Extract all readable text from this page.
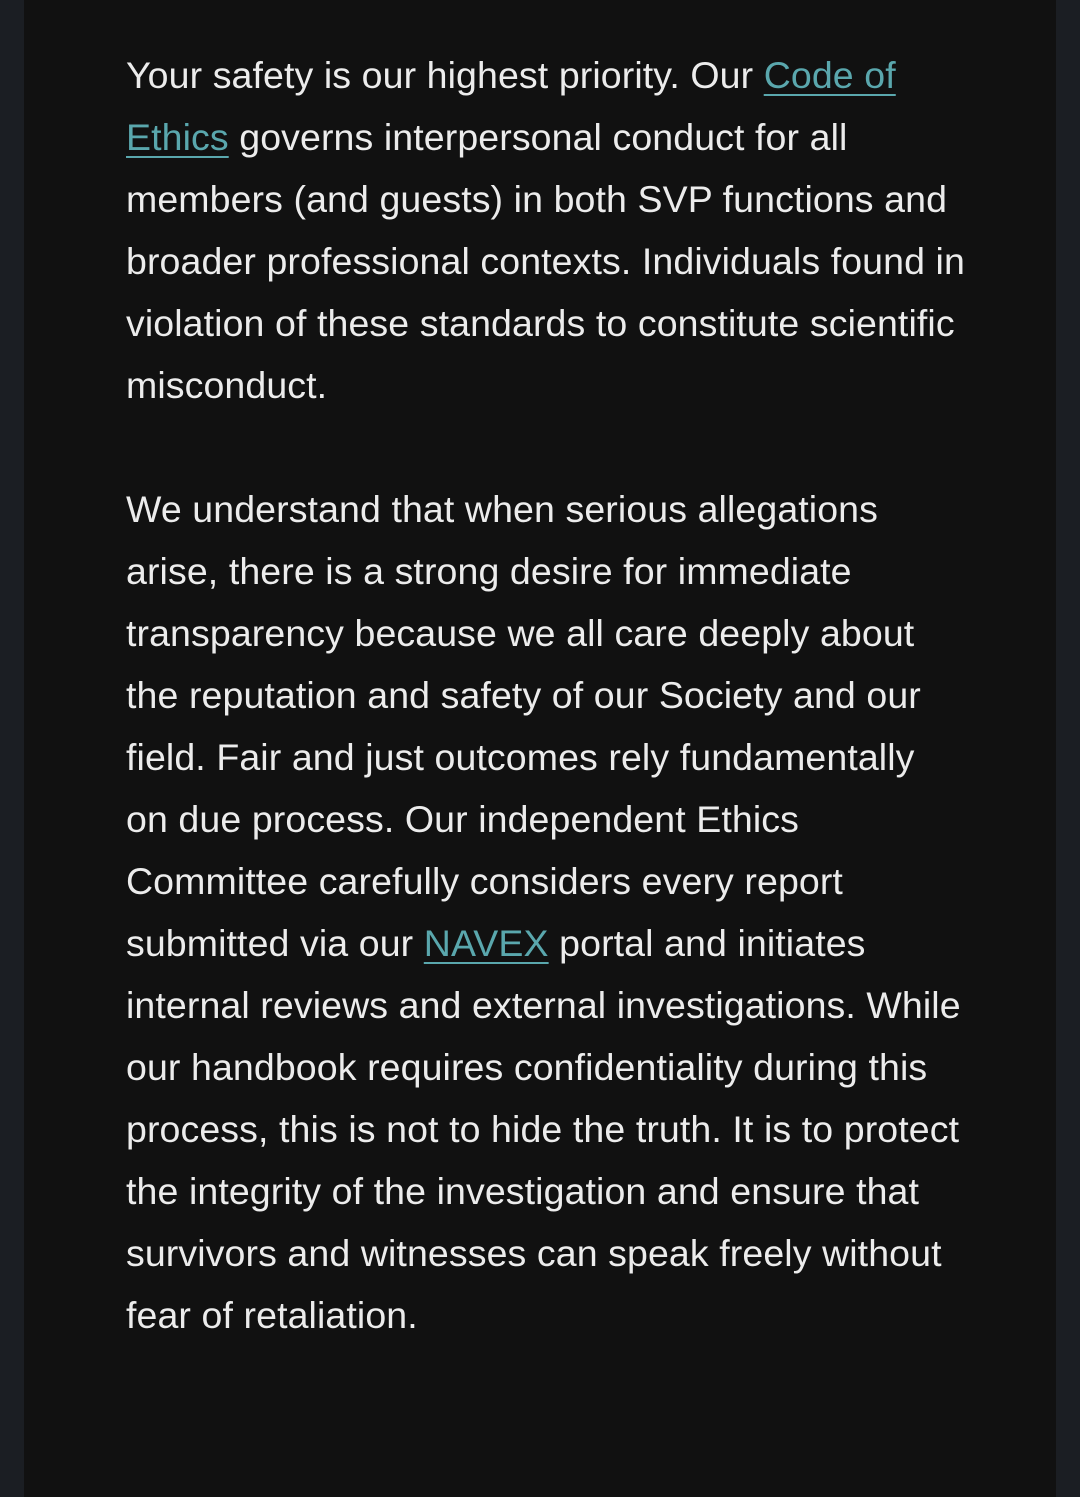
Your safety is our highest priority. Our Code of Ethics governs interpersonal conduct for all members (and guests) in both SVP functions and broader professional contexts. Individuals found in violation of these standards to constitute scientific misconduct.

We understand that when serious allegations arise, there is a strong desire for immediate transparency because we all care deeply about the reputation and safety of our Society and our field. Fair and just outcomes rely fundamentally on due process. Our independent Ethics Committee carefully considers every report submitted via our NAVEX portal and initiates internal reviews and external investigations. While our handbook requires confidentiality during this process, this is not to hide the truth. It is to protect the integrity of the investigation and ensure that survivors and witnesses can speak freely without fear of retaliation.
